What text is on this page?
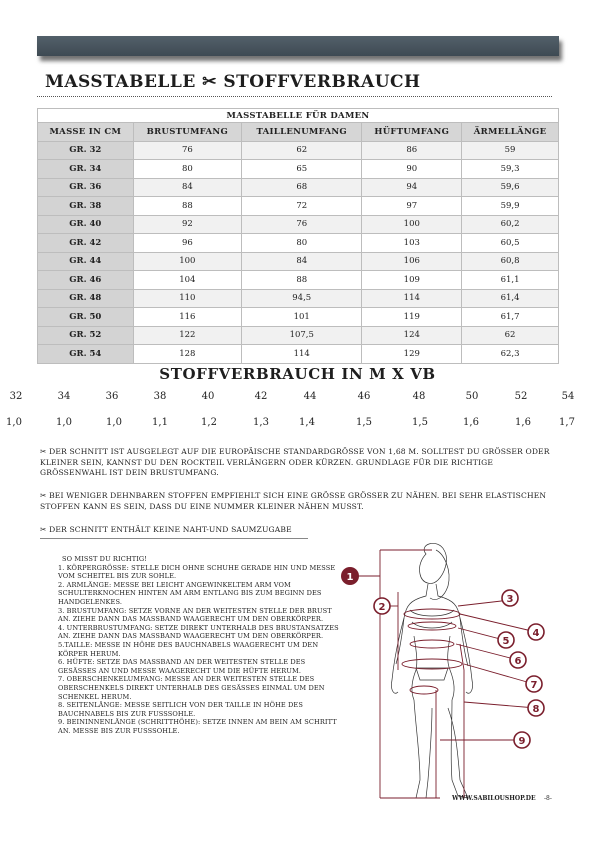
MASSTABELLE ✂ STOFFVERBRAUCH
MASSTABELLE FÜR DAMEN				
MASSE IN CM	BRUSTUMFANG	TAILLENUMFANG	HÜFTUMFANG	ÄRMELLÄNGE
GR. 32	76	62	86	59
GR. 34	80	65	90	59,3
GR. 36	84	68	94	59,6
GR. 38	88	72	97	59,9
GR. 40	92	76	100	60,2
GR. 42	96	80	103	60,5
GR. 44	100	84	106	60,8
GR. 46	104	88	109	61,1
GR. 48	110	94,5	114	61,4
GR. 50	116	101	119	61,7
GR. 52	122	107,5	124	62
GR. 54	128	114	129	62,3
STOFFVERBRAUCH IN M X VB
32	34	36	38	40	42	44	46	48	50	52	54
1,0	1,0	1,0	1,1	1,2	1,3	1,4	1,5	1,5	1,6	1,6	1,7
✂ DER SCHNITT IST AUSGELEGT AUF DIE EUROPÄISCHE STANDARDGRÖSSE VON 1,68 M. SOLLTEST DU GRÖSSER ODER KLEINER SEIN, KANNST DU DEN ROCKTEIL VERLÄNGERN ODER KÜRZEN. GRUNDLAGE FÜR DIE RICHTIGE GRÖSSENWAHL IST DEIN BRUSTUMFANG.
✂ BEI WENIGER DEHNBAREN STOFFEN EMPFIEHLT SICH EINE GRÖSSE GRÖSSER ZU NÄHEN. BEI SEHR ELASTISCHEN STOFFEN KANN ES SEIN, DASS DU EINE NUMMER KLEINER NÄHEN MUSST.
✂ DER SCHNITT ENTHÄLT KEINE NAHT-UND SAUMZUGABE

SO MISST DU RICHTIG!

1. KÖRPERGRÖSSE: STELLE DICH OHNE SCHUHE GERADE HIN UND MESSE VOM SCHEITEL BIS ZUR SOHLE.

2. ARMLÄNGE: MESSE BEI LEICHT ANGEWINKELTEM ARM VOM SCHULTERKNOCHEN HINTEN AM ARM ENTLANG BIS ZUM BEGINN DES HANDGELENKES.

3. BRUSTUMFANG: SETZE VORNE AN DER WEITESTEN STELLE DER BRUST AN. ZIEHE DANN DAS MASSBAND WAAGERECHT UM DEN OBERKÖRPER.

4. UNTERBRUSTUMFANG: SETZE DIREKT UNTERHALB DES BRUSTANSATZES AN. ZIEHE DANN DAS MASSBAND WAAGERECHT UM DEN OBERKÖRPER.

5.TAILLE: MESSE IN HÖHE DES BAUCHNABELS WAAGERECHT UM DEN KÖRPER HERUM.

6. HÜFTE: SETZE DAS MASSBAND AN DER WEITESTEN STELLE DES GESÄSSES AN UND MESSE WAAGERECHT UM DIE HÜFTE HERUM.

7. OBERSCHENKELUMFANG: MESSE AN DER WEITESTEN STELLE DES OBERSCHENKELS DIREKT UNTERHALB DES GESÄSSES EINMAL UM DEN SCHENKEL HERUM.

8. SEITENLÄNGE: MESSE SEITLICH VON DER TAILLE IN HÖHE DES BAUCHNABELS BIS ZUR FUSSSOHLE.

9. BEININNENLÄNGE (SCHRITTHÖHE): SETZE INNEN AM BEIN AM SCHRITT AN. MESSE BIS ZUR FUSSSOHLE.

1
2
3
4
5
6
7
8
9
WWW.SABILOUSHOP.DE -8-
